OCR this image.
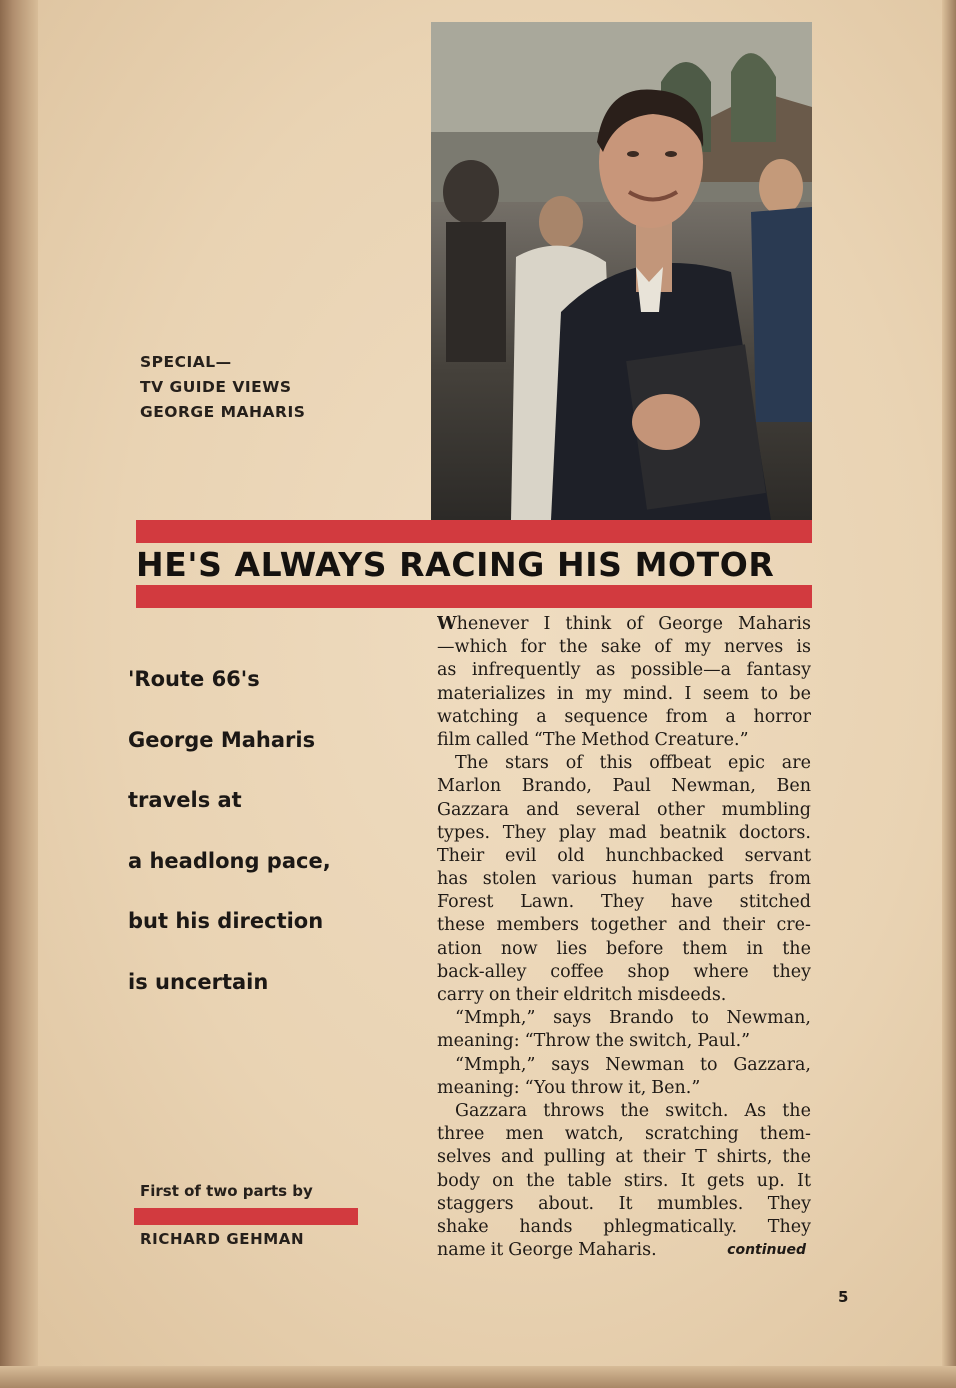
SPECIAL—
TV GUIDE VIEWS
GEORGE MAHARIS
HE'S ALWAYS RACING HIS MOTOR
'Route 66's
George Maharis
travels at
a headlong pace,
but his direction
is uncertain
First of two parts by
RICHARD GEHMAN
Whenever I think of George Maharis
—which for the sake of my nerves is
as infrequently as possible—a fantasy
materializes in my mind. I seem to be
watching a sequence from a horror
film called “The Method Creature.”
The stars of this offbeat epic are
Marlon Brando, Paul Newman, Ben
Gazzara and several other mumbling
types. They play mad beatnik doctors.
Their evil old hunchbacked servant
has stolen various human parts from
Forest Lawn. They have stitched
these members together and their cre-
ation now lies before them in the
back-alley coffee shop where they
carry on their eldritch misdeeds.
“Mmph,” says Brando to Newman,
meaning: “Throw the switch, Paul.”
“Mmph,” says Newman to Gazzara,
meaning: “You throw it, Ben.”
Gazzara throws the switch. As the
three men watch, scratching them-
selves and pulling at their T shirts, the
body on the table stirs. It gets up. It
staggers about. It mumbles. They
shake hands phlegmatically. They
name it George Maharis.	continued
5
